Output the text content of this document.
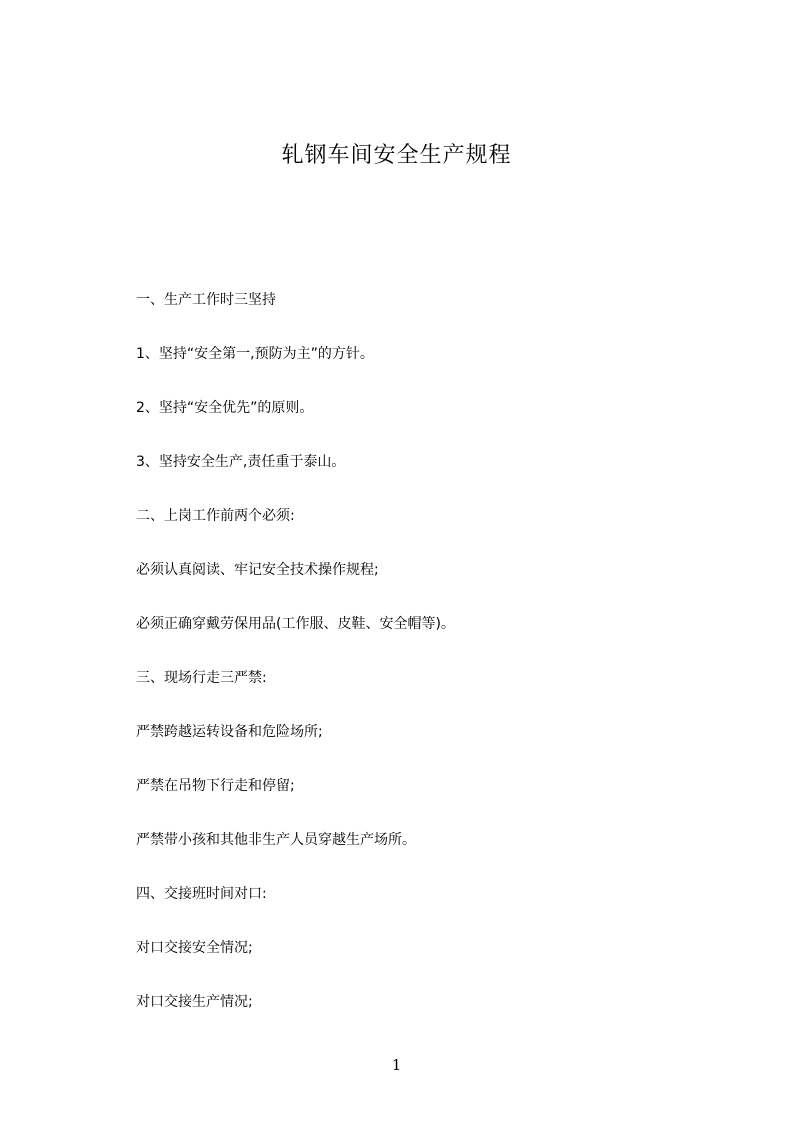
轧钢车间安全生产规程
一、生产工作时三坚持
1、坚持“安全第一,预防为主”的方针。
2、坚持“安全优先”的原则。
3、坚持安全生产,责任重于泰山。
二、上岗工作前两个必须:
必须认真阅读、牢记安全技术操作规程;
必须正确穿戴劳保用品(工作服、皮鞋、安全帽等)。
三、现场行走三严禁:
严禁跨越运转设备和危险场所;
严禁在吊物下行走和停留;
严禁带小孩和其他非生产人员穿越生产场所。
四、交接班时间对口:
对口交接安全情况;
对口交接生产情况;
1
